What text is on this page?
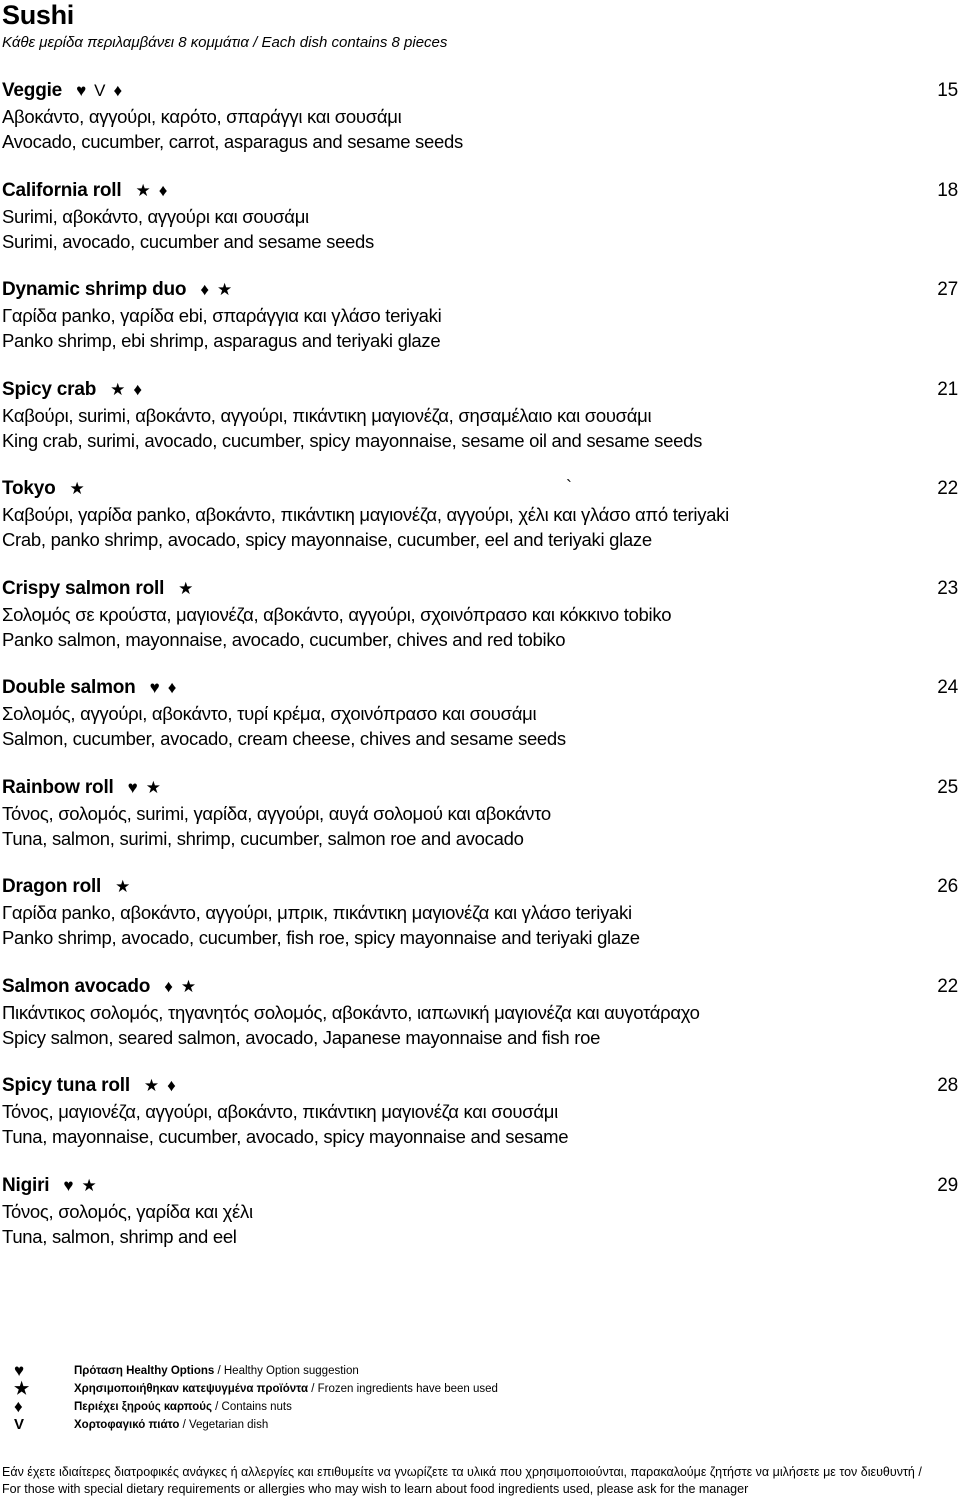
Sushi
Κάθε μερίδα περιλαμβάνει 8 κομμάτια / Each dish contains 8 pieces
Veggie ♥ V ♦	15
Αβοκάντο, αγγούρι, καρότο, σπαράγγι και σουσάμι
Avocado, cucumber, carrot, asparagus and sesame seeds
California roll ★ ♦	18
Surimi, αβοκάντο, αγγούρι και σουσάμι
Surimi, avocado, cucumber and sesame seeds
Dynamic shrimp duo ♦ ★	27
Γαρίδα panko, γαρίδα ebi, σπαράγγια και γλάσο teriyaki
Panko shrimp, ebi shrimp, asparagus and teriyaki glaze
Spicy crab ★ ♦	21
Καβούρι, surimi, αβοκάντο, αγγούρι, πικάντικη μαγιονέζα, σησαμέλαιο και σουσάμι
King crab, surimi, avocado, cucumber, spicy mayonnaise, sesame oil and sesame seeds
Tokyo ★	22
Καβούρι, γαρίδα panko, αβοκάντο, πικάντικη μαγιονέζα, αγγούρι, χέλι και γλάσο από teriyaki
Crab, panko shrimp, avocado, spicy mayonnaise, cucumber, eel and teriyaki glaze
Crispy salmon roll ★	23
Σολομός σε κρούστα, μαγιονέζα, αβοκάντο, αγγούρι, σχοινόπρασο και κόκκινο tobiko
Panko salmon, mayonnaise, avocado, cucumber, chives and red tobiko
Double salmon ♥ ♦	24
Σολομός, αγγούρι, αβοκάντο, τυρί κρέμα, σχοινόπρασο και σουσάμι
Salmon, cucumber, avocado, cream cheese, chives and sesame seeds
Rainbow roll ♥ ★	25
Τόνος, σολομός, surimi, γαρίδα, αγγούρι, αυγά σολομού και αβοκάντο
Tuna, salmon, surimi, shrimp, cucumber, salmon roe and avocado
Dragon roll ★	26
Γαρίδα panko, αβοκάντο, αγγούρι, μπρικ, πικάντικη μαγιονέζα και γλάσο teriyaki
Panko shrimp, avocado, cucumber, fish roe, spicy mayonnaise and teriyaki glaze
Salmon avocado ♦ ★	22
Πικάντικος σολομός, τηγανητός σολομός, αβοκάντο, ιαπωνική μαγιονέζα και αυγοτάραχο
Spicy salmon, seared salmon, avocado, Japanese mayonnaise and fish roe
Spicy tuna roll ★ ♦	28
Τόνος, μαγιονέζα, αγγούρι, αβοκάντο, πικάντικη μαγιονέζα και σουσάμι
Tuna, mayonnaise, cucumber, avocado, spicy mayonnaise and sesame
Nigiri ♥ ★	29
Τόνος, σολομός, γαρίδα και χέλι
Tuna, salmon, shrimp and eel
`
♥	Πρόταση Healthy Options / Healthy Option suggestion
★	Χρησιμοποιήθηκαν κατεψυγμένα προϊόντα / Frozen ingredients have been used
♦	Περιέχει ξηρούς καρπούς / Contains nuts
V	Χορτοφαγικό πιάτο / Vegetarian dish
Εάν έχετε ιδιαίτερες διατροφικές ανάγκες ή αλλεργίες και επιθυμείτε να γνωρίζετε τα υλικά που χρησιμοποιούνται, παρακαλούμε ζητήστε να μιλήσετε με τον διευθυντή / For those with special dietary requirements or allergies who may wish to learn about food ingredients used, please ask for the manager
